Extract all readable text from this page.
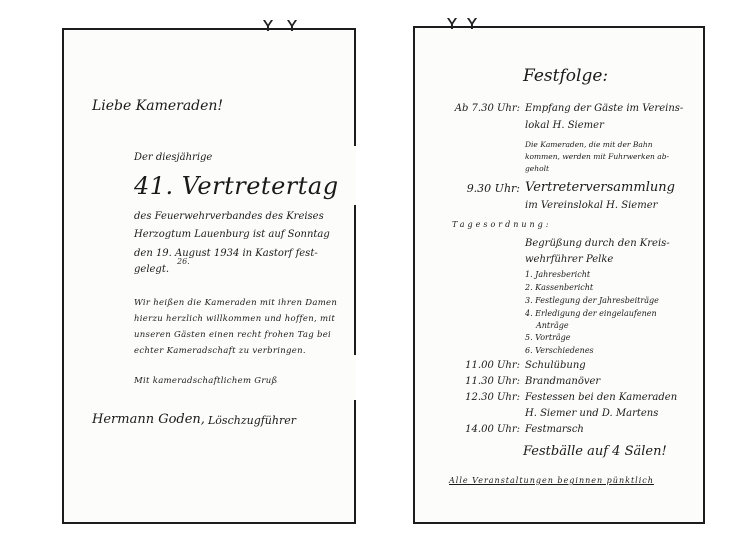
ʏ ʏ
Liebe Kameraden!
Der diesjährige
41. Vertretertag
des Feuerwehrverbandes des Kreises
Herzogtum Lauenburg ist auf Sonntag
den 19. August 1934 in Kastorf fest-
26.
gelegt.
Wir heißen die Kameraden mit ihren Damen
hierzu herzlich willkommen und hoffen, mit
unseren Gästen einen recht frohen Tag bei
echter Kameradschaft zu verbringen.
Mit kameradschaftlichem Gruß
Hermann Goden, Löschzugführer
ʏ ʏ
Festfolge:
Ab 7.30 Uhr: Empfang der Gäste im Vereins-
lokal H. Siemer
Die Kameraden, die mit der Bahn
kommen, werden mit Fuhrwerken ab-
geholt
9.30 Uhr: Vertreterversammlung
im Vereinslokal H. Siemer
Tagesordnung:
Begrüßung durch den Kreis-
wehrführer Pelke
1. Jahresbericht
2. Kassenbericht
3. Festlegung der Jahresbeiträge
4. Erledigung der eingelaufenen
Anträge
5. Vorträge
6. Verschiedenes
11.00 Uhr: Schulübung
11.30 Uhr: Brandmanöver
12.30 Uhr: Festessen bei den Kameraden
H. Siemer und D. Martens
14.00 Uhr: Festmarsch
Festbälle auf 4 Sälen!
Alle Veranstaltungen beginnen pünktlich
